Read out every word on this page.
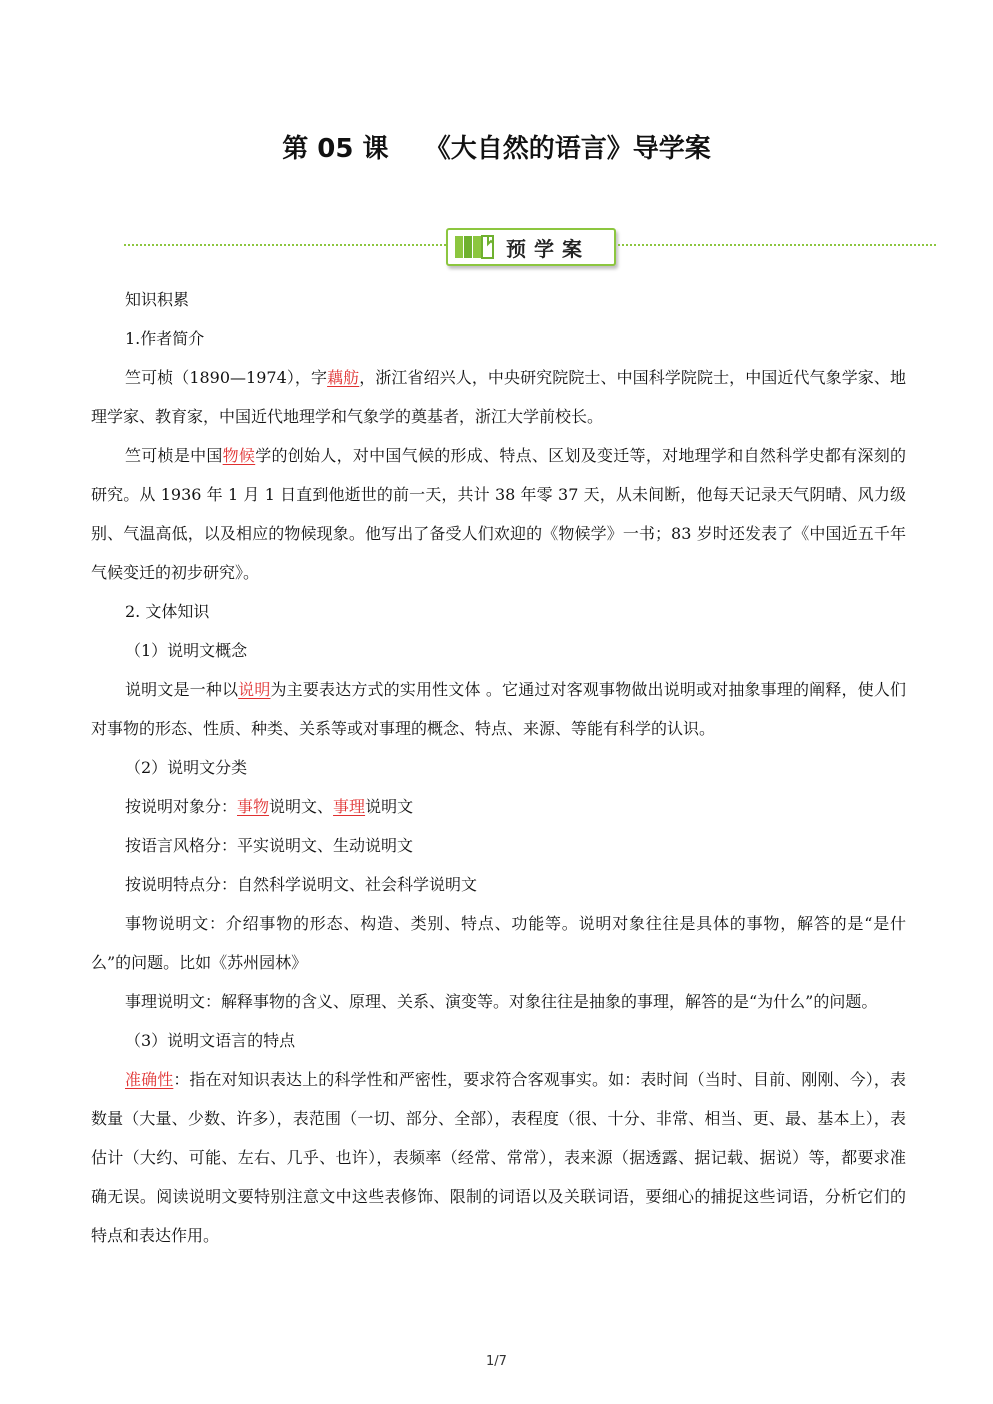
第 05 课    《大自然的语言》导学案
预学案

知识积累

1.作者简介

竺可桢（1890—1974），字藕舫，浙江省绍兴人，中央研究院院士、中国科学院院士，中国近代气象学家、地理学家、教育家，中国近代地理学和气象学的奠基者，浙江大学前校长。

竺可桢是中国物候学的创始人，对中国气候的形成、特点、区划及变迁等，对地理学和自然科学史都有深刻的研究。从 1936 年 1 月 1 日直到他逝世的前一天，共计 38 年零 37 天，从未间断，他每天记录天气阴晴、风力级别、气温高低，以及相应的物候现象。他写出了备受人们欢迎的《物候学》一书；83 岁时还发表了《中国近五千年气候变迁的初步研究》。

2. 文体知识

（1）说明文概念

说明文是一种以说明为主要表达方式的实用性文体 。它通过对客观事物做出说明或对抽象事理的阐释，使人们对事物的形态、性质、种类、关系等或对事理的概念、特点、来源、等能有科学的认识。

（2）说明文分类

按说明对象分：事物说明文、事理说明文

按语言风格分：平实说明文、生动说明文

按说明特点分：自然科学说明文、社会科学说明文

事物说明文：介绍事物的形态、构造、类别、特点、功能等。说明对象往往是具体的事物，解答的是“是什么”的问题。比如《苏州园林》

事理说明文：解释事物的含义、原理、关系、演变等。对象往往是抽象的事理，解答的是“为什么”的问题。

（3）说明文语言的特点

准确性：指在对知识表达上的科学性和严密性，要求符合客观事实。如：表时间（当时、目前、刚刚、今），表数量（大量、少数、许多），表范围（一切、部分、全部），表程度（很、十分、非常、相当、更、最、基本上），表估计（大约、可能、左右、几乎、也许），表频率（经常、常常），表来源（据透露、据记载、据说）等，都要求准确无误。阅读说明文要特别注意文中这些表修饰、限制的词语以及关联词语，要细心的捕捉这些词语，分析它们的特点和表达作用。

1/7
